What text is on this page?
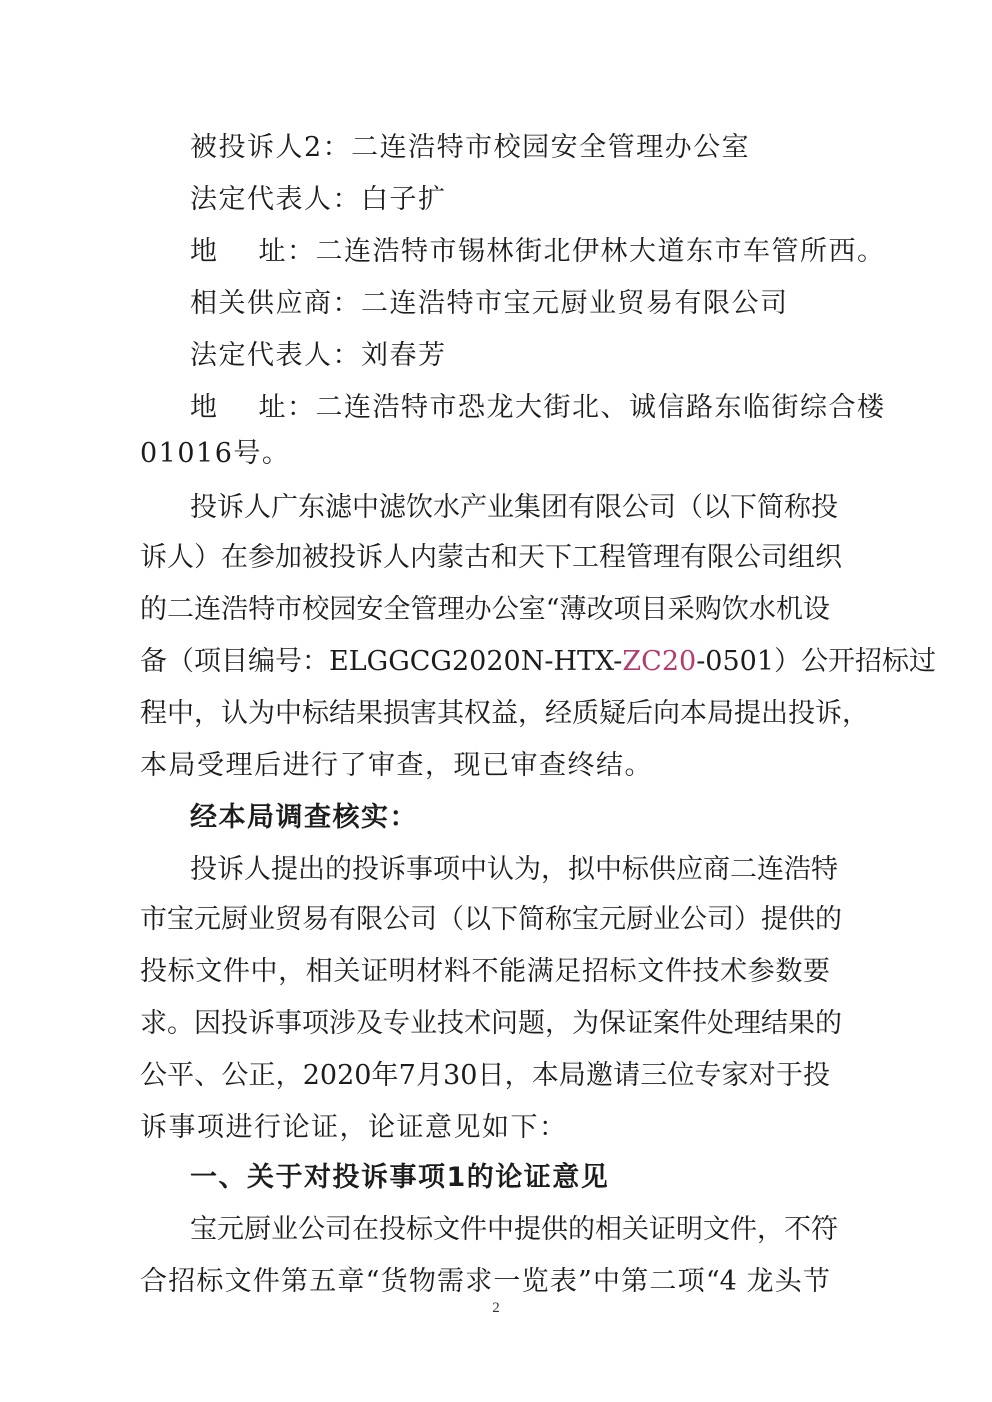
被投诉人2：二连浩特市校园安全管理办公室
法定代表人：白子扩
地 址：二连浩特市锡林街北伊林大道东市车管所西。
相关供应商：二连浩特市宝元厨业贸易有限公司
法定代表人：刘春芳
地 址：二连浩特市恐龙大街北、诚信路东临街综合楼
01016号。
投诉人广东滤中滤饮水产业集团有限公司（以下简称投
诉人）在参加被投诉人内蒙古和天下工程管理有限公司组织
的二连浩特市校园安全管理办公室“薄改项目采购饮水机设
备（项目编号：ELGGCG2020N-HTX-ZC20-0501）公开招标过
程中，认为中标结果损害其权益，经质疑后向本局提出投诉，
本局受理后进行了审查，现已审查终结。
经本局调查核实：
投诉人提出的投诉事项中认为，拟中标供应商二连浩特
市宝元厨业贸易有限公司（以下简称宝元厨业公司）提供的
投标文件中，相关证明材料不能满足招标文件技术参数要
求。因投诉事项涉及专业技术问题，为保证案件处理结果的
公平、公正，2020年7月30日，本局邀请三位专家对于投
诉事项进行论证，论证意见如下：
一、关于对投诉事项1的论证意见
宝元厨业公司在投标文件中提供的相关证明文件，不符
合招标文件第五章“货物需求一览表”中第二项“4 龙头节
2
